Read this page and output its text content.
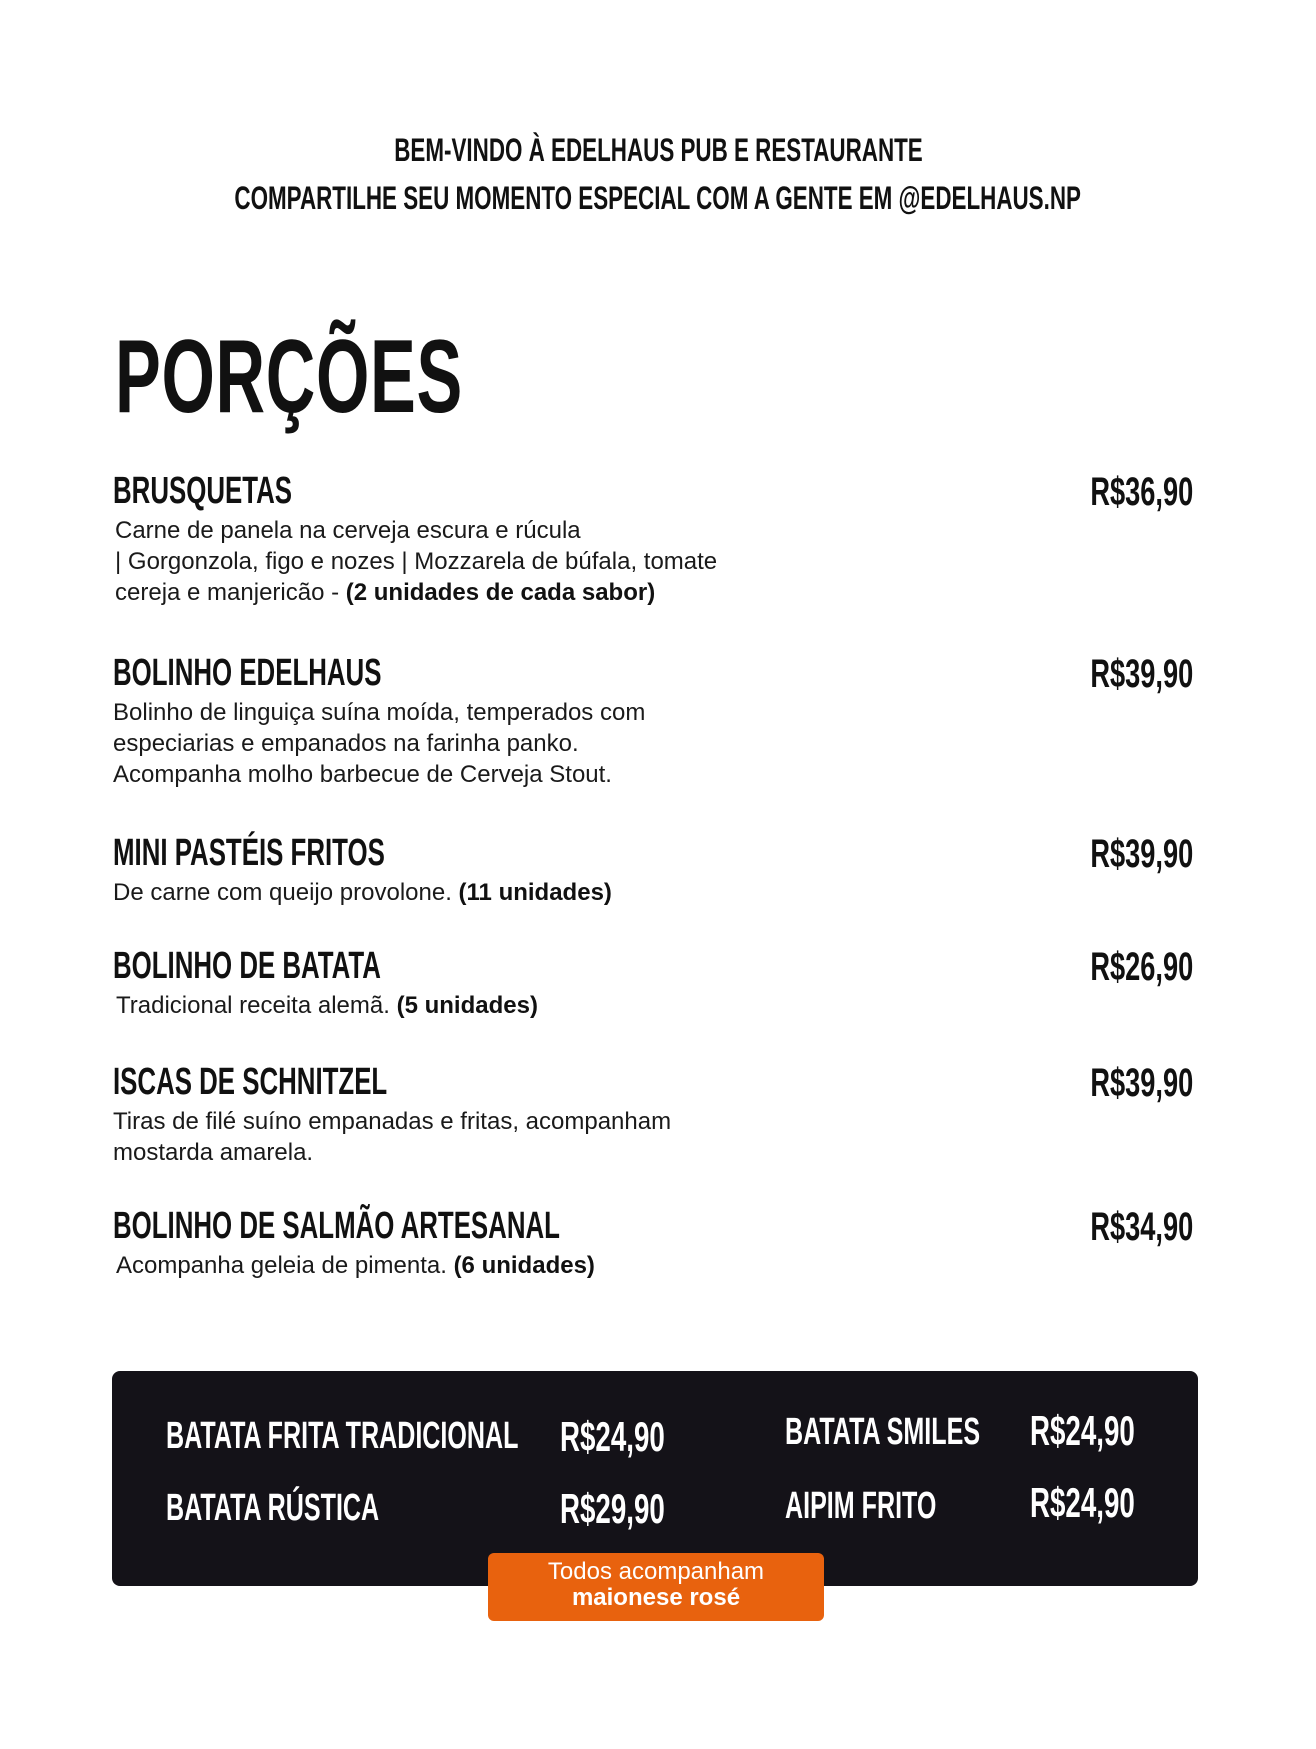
BEM-VINDO À EDELHAUS PUB E RESTAURANTE
COMPARTILHE SEU MOMENTO ESPECIAL COM A GENTE EM @EDELHAUS.NP
PORÇÕES
BRUSQUETAS	R$36,90
Carne de panela na cerveja escura e rúcula
| Gorgonzola, figo e nozes | Mozzarela de búfala, tomate
cereja e manjericão - (2 unidades de cada sabor)
BOLINHO EDELHAUS	R$39,90
Bolinho de linguiça suína moída, temperados com
especiarias e empanados na farinha panko.
Acompanha molho barbecue de Cerveja Stout.
MINI PASTÉIS FRITOS	R$39,90
De carne com queijo provolone. (11 unidades)
BOLINHO DE BATATA	R$26,90
Tradicional receita alemã. (5 unidades)
ISCAS DE SCHNITZEL	R$39,90
Tiras de filé suíno empanadas e fritas, acompanham
mostarda amarela.
BOLINHO DE SALMÃO ARTESANAL	R$34,90
Acompanha geleia de pimenta. (6 unidades)
BATATA FRITA TRADICIONAL R$24,90
BATATA RÚSTICA	R$29,90
BATATA SMILES	R$24,90
AIPIM FRITO	R$24,90
Todos acompanham
maionese rosé
